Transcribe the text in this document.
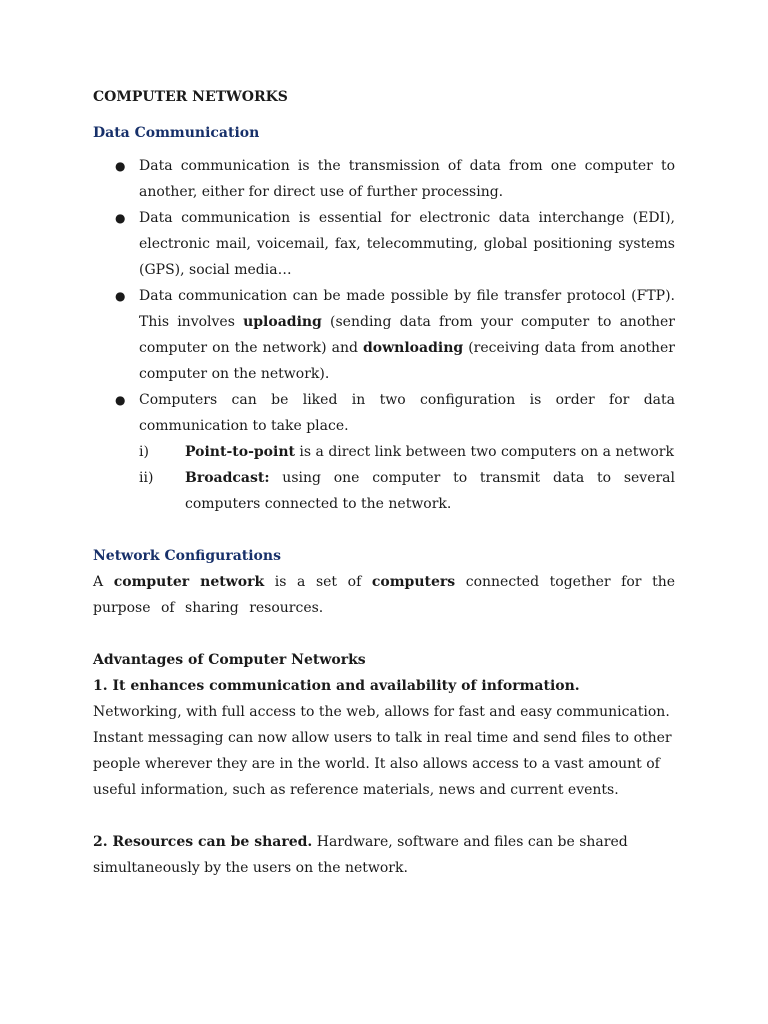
COMPUTER NETWORKS

Data Communication

● Data communication is the transmission of data from one computer to another, either for direct use of further processing.
● Data communication is essential for electronic data interchange (EDI), electronic mail, voicemail, fax, telecommuting, global positioning systems (GPS), social media…
● Data communication can be made possible by file transfer protocol (FTP). This involves uploading (sending data from your computer to another computer on the network) and downloading (receiving data from another computer on the network).
● Computers can be liked in two configuration is order for data communication to take place.
i)	Point-to-point is a direct link between two computers on a network
ii) Broadcast: using one computer to transmit data to several computers connected to the network.

Network Configurations

A computer network is a set of computers connected together for the purpose of sharing resources.

Advantages of Computer Networks

1. It enhances communication and availability of information.

Networking, with full access to the web, allows for fast and easy communication. Instant messaging can now allow users to talk in real time and send files to other people wherever they are in the world. It also allows access to a vast amount of useful information, such as reference materials, news and current events.

2. Resources can be shared. Hardware, software and files can be shared simultaneously by the users on the network.
